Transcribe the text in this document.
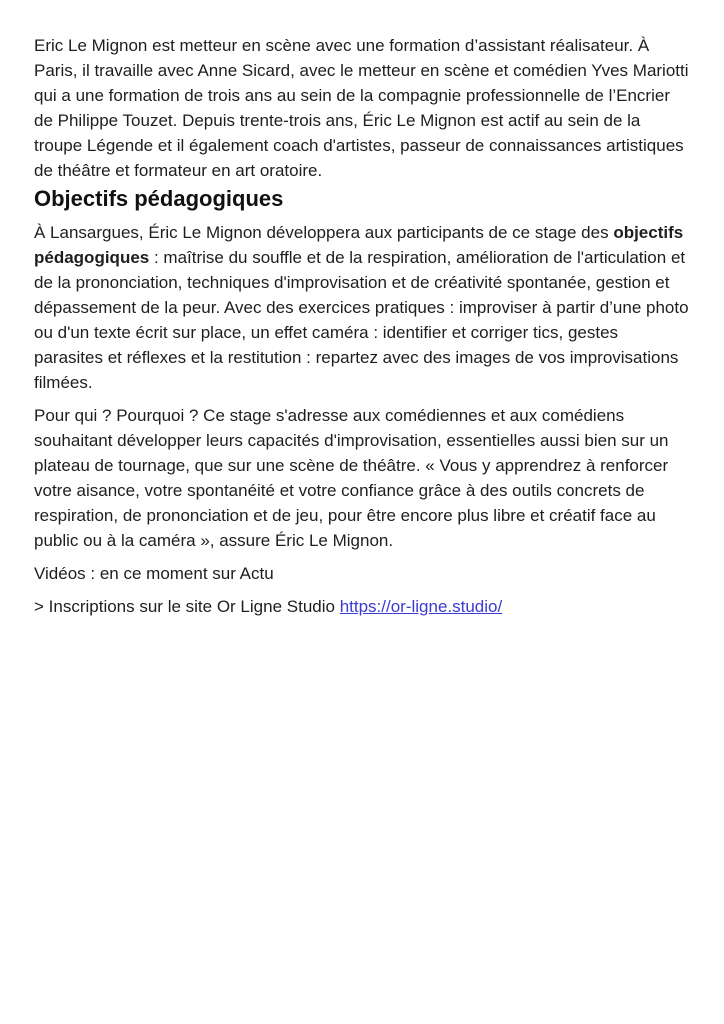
Eric Le Mignon est metteur en scène avec une formation d’assistant réalisateur. À Paris, il travaille avec Anne Sicard, avec le metteur en scène et comédien Yves Mariotti qui a une formation de trois ans au sein de la compagnie professionnelle de l’Encrier de Philippe Touzet. Depuis trente-trois ans, Éric Le Mignon est actif au sein de la troupe Légende et il également coach d'artistes, passeur de connaissances artistiques de théâtre et formateur en art oratoire.

Objectifs pédagogiques

À Lansargues, Éric Le Mignon développera aux participants de ce stage des objectifs pédagogiques : maîtrise du souffle et de la respiration, amélioration de l'articulation et de la prononciation, techniques d'improvisation et de créativité spontanée, gestion et dépassement de la peur. Avec des exercices pratiques : improviser à partir d’une photo ou d'un texte écrit sur place, un effet caméra : identifier et corriger tics, gestes parasites et réflexes et la restitution : repartez avec des images de vos improvisations filmées.

Pour qui ? Pourquoi ? Ce stage s'adresse aux comédiennes et aux comédiens souhaitant développer leurs capacités d'improvisation, essentielles aussi bien sur un plateau de tournage, que sur une scène de théâtre. « Vous y apprendrez à renforcer votre aisance, votre spontanéité et votre confiance grâce à des outils concrets de respiration, de prononciation et de jeu, pour être encore plus libre et créatif face au public ou à la caméra », assure Éric Le Mignon.

Vidéos : en ce moment sur Actu

> Inscriptions sur le site Or Ligne Studio https://or-ligne.studio/
